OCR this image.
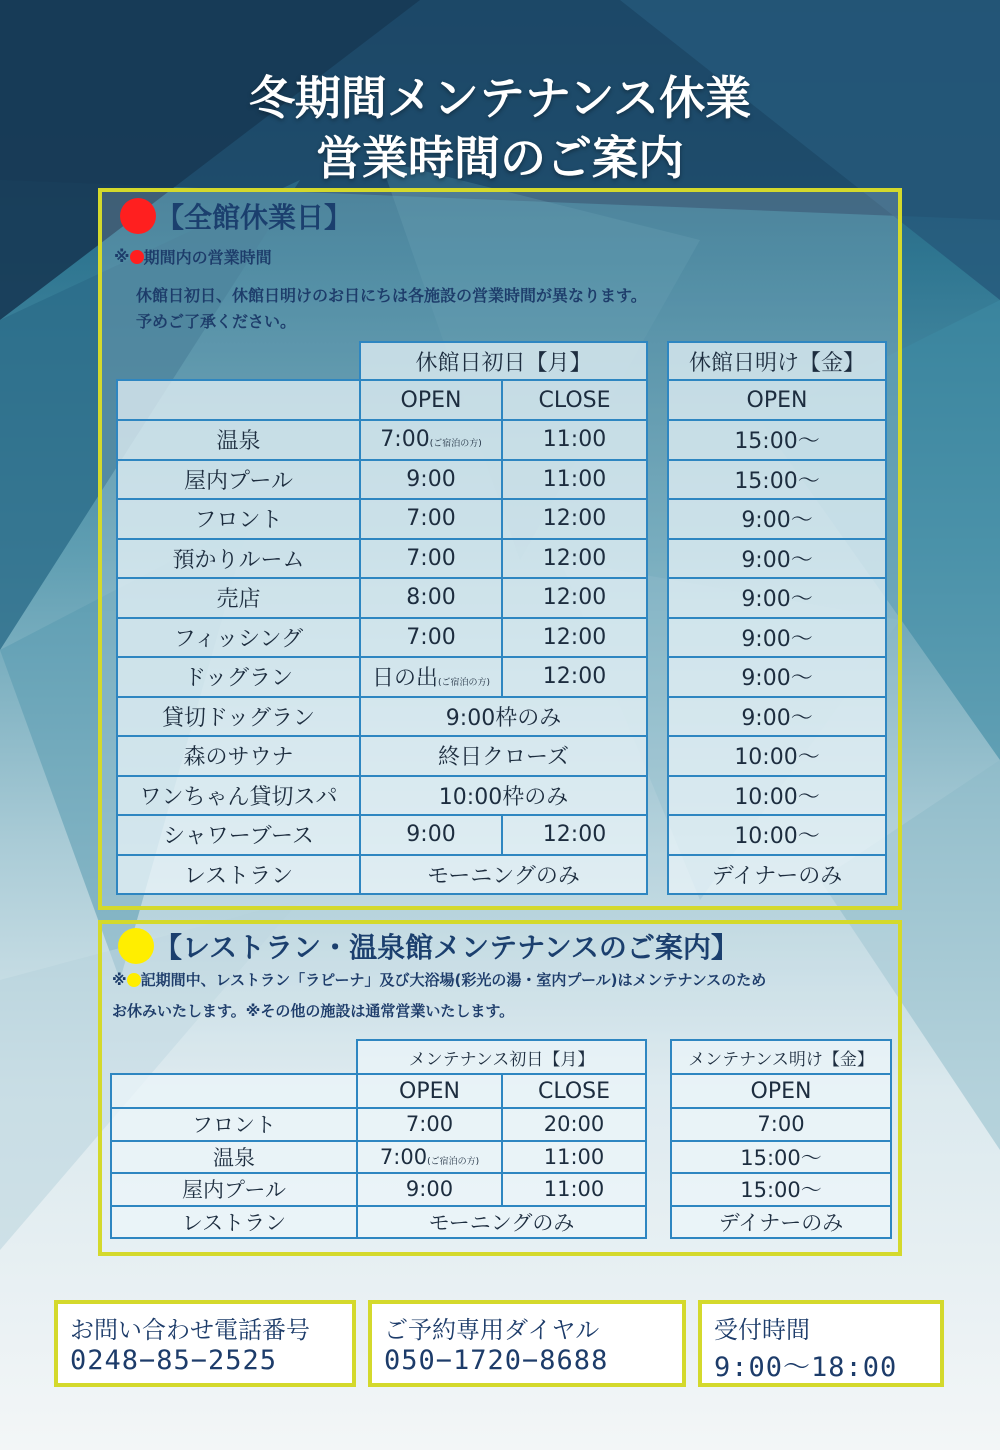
冬期間メンテナンス休業
営業時間のご案内
【全館休業日】
※ 期間内の営業時間
休館日初日、休館日明けのお日にちは各施設の営業時間が異なります。
予めご了承ください。
	休館日初日【月】			休館日明け【金】
	OPEN	CLOSE		OPEN
温泉	7:00(ご宿泊の方)	11:00		15:00～
屋内プール	9:00	11:00		15:00～
フロント	7:00	12:00		9:00～
預かりルーム	7:00	12:00		9:00～
売店	8:00	12:00		9:00～
フィッシング	7:00	12:00		9:00～
ドッグラン	日の出(ご宿泊の方)	12:00		9:00～
貸切ドッグラン	9:00枠のみ			9:00～
森のサウナ	終日クローズ			10:00～
ワンちゃん貸切スパ	10:00枠のみ			10:00～
シャワーブース	9:00	12:00		10:00～
レストラン	モーニングのみ			デイナーのみ
【レストラン・温泉館メンテナンスのご案内】
※ 記期間中、レストラン「ラピーナ」及び大浴場(彩光の湯・室内プール)はメンテナンスのため
お休みいたします。※その他の施設は通常営業いたします。
	メンテナンス初日【月】			メンテナンス明け【金】
	OPEN	CLOSE		OPEN
フロント	7:00	20:00		7:00
温泉	7:00(ご宿泊の方)	11:00		15:00～
屋内プール	9:00	11:00		15:00～
レストラン	モーニングのみ			デイナーのみ
お問い合わせ電話番号
0248−85−2525
ご予約専用ダイヤル
050−1720−8688
受付時間
9:00～18:00
